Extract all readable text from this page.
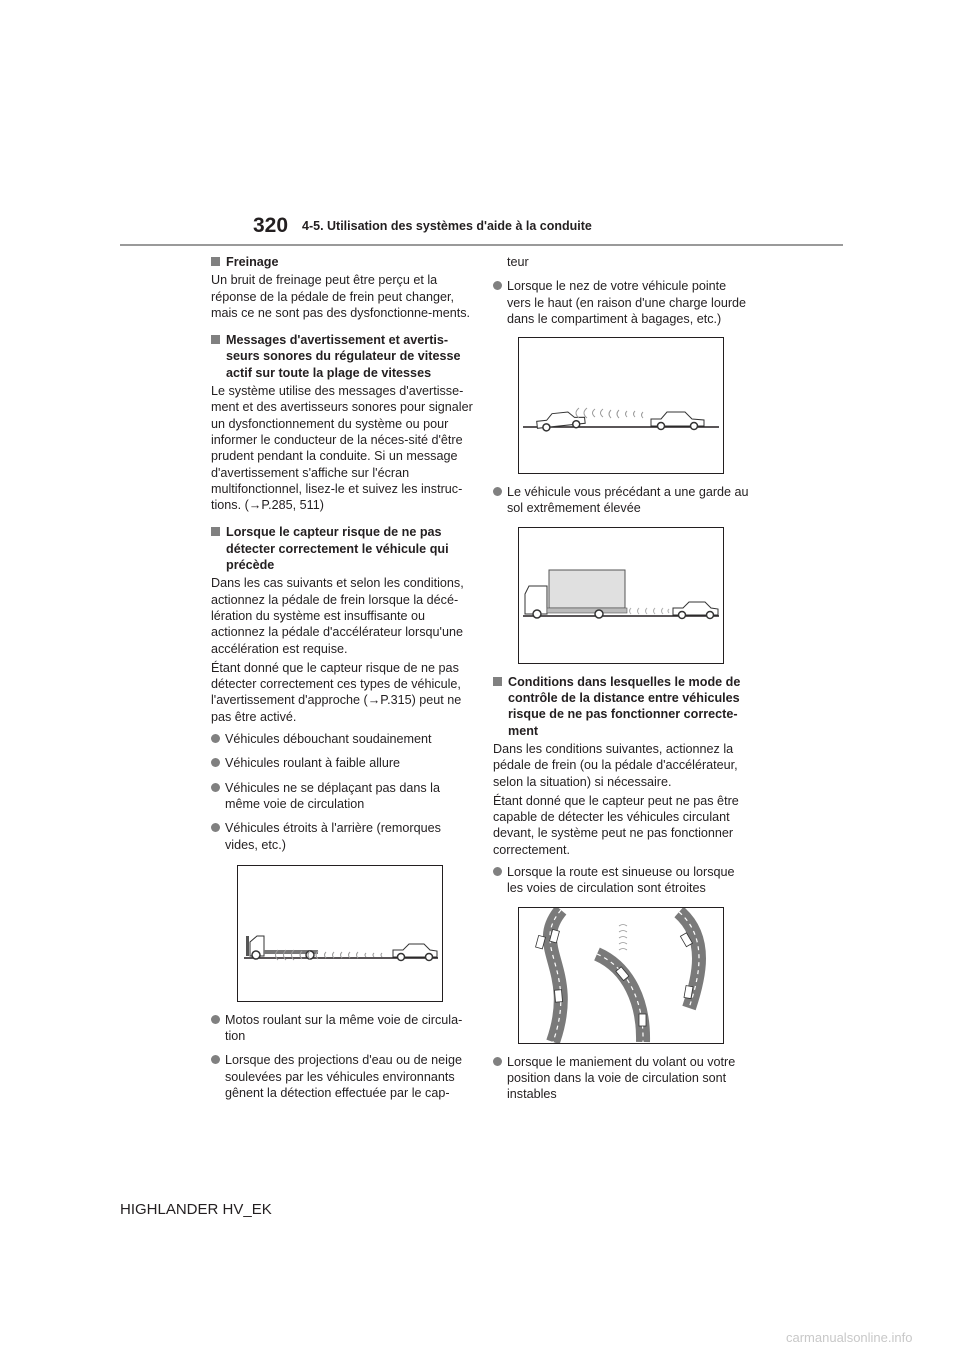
320 4-5. Utilisation des systèmes d'aide à la conduite
Freinage
Un bruit de freinage peut être perçu et la réponse de la pédale de frein peut changer, mais ce ne sont pas des dysfonctionne-ments.
Messages d'avertissement et avertis-seurs sonores du régulateur de vitesse actif sur toute la plage de vitesses
Le système utilise des messages d'avertisse-ment et des avertisseurs sonores pour signaler un dysfonctionnement du système ou pour informer le conducteur de la néces-sité d'être prudent pendant la conduite. Si un message d'avertissement s'affiche sur l'écran multifonctionnel, lisez-le et suivez les instruc-tions. (→P.285, 511)
Lorsque le capteur risque de ne pas détecter correctement le véhicule qui précède
Dans les cas suivants et selon les conditions, actionnez la pédale de frein lorsque la décé-lération du système est insuffisante ou actionnez la pédale d'accélérateur lorsqu'une accélération est requise.
Étant donné que le capteur risque de ne pas détecter correctement ces types de véhicule, l'avertissement d'approche (→P.315) peut ne pas être activé.
Véhicules débouchant soudainement
Véhicules roulant à faible allure
Véhicules ne se déplaçant pas dans la même voie de circulation
Véhicules étroits à l'arrière (remorques vides, etc.)
Motos roulant sur la même voie de circula-tion
Lorsque des projections d'eau ou de neige soulevées par les véhicules environnants gênent la détection effectuée par le cap-
teur
Lorsque le nez de votre véhicule pointe vers le haut (en raison d'une charge lourde dans le compartiment à bagages, etc.)
Le véhicule vous précédant a une garde au sol extrêmement élevée
Conditions dans lesquelles le mode de contrôle de la distance entre véhicules risque de ne pas fonctionner correcte-ment
Dans les conditions suivantes, actionnez la pédale de frein (ou la pédale d'accélérateur, selon la situation) si nécessaire.
Étant donné que le capteur peut ne pas être capable de détecter les véhicules circulant devant, le système peut ne pas fonctionner correctement.
Lorsque la route est sinueuse ou lorsque les voies de circulation sont étroites
Lorsque le maniement du volant ou votre position dans la voie de circulation sont instables
HIGHLANDER HV_EK
carmanualsonline.info
